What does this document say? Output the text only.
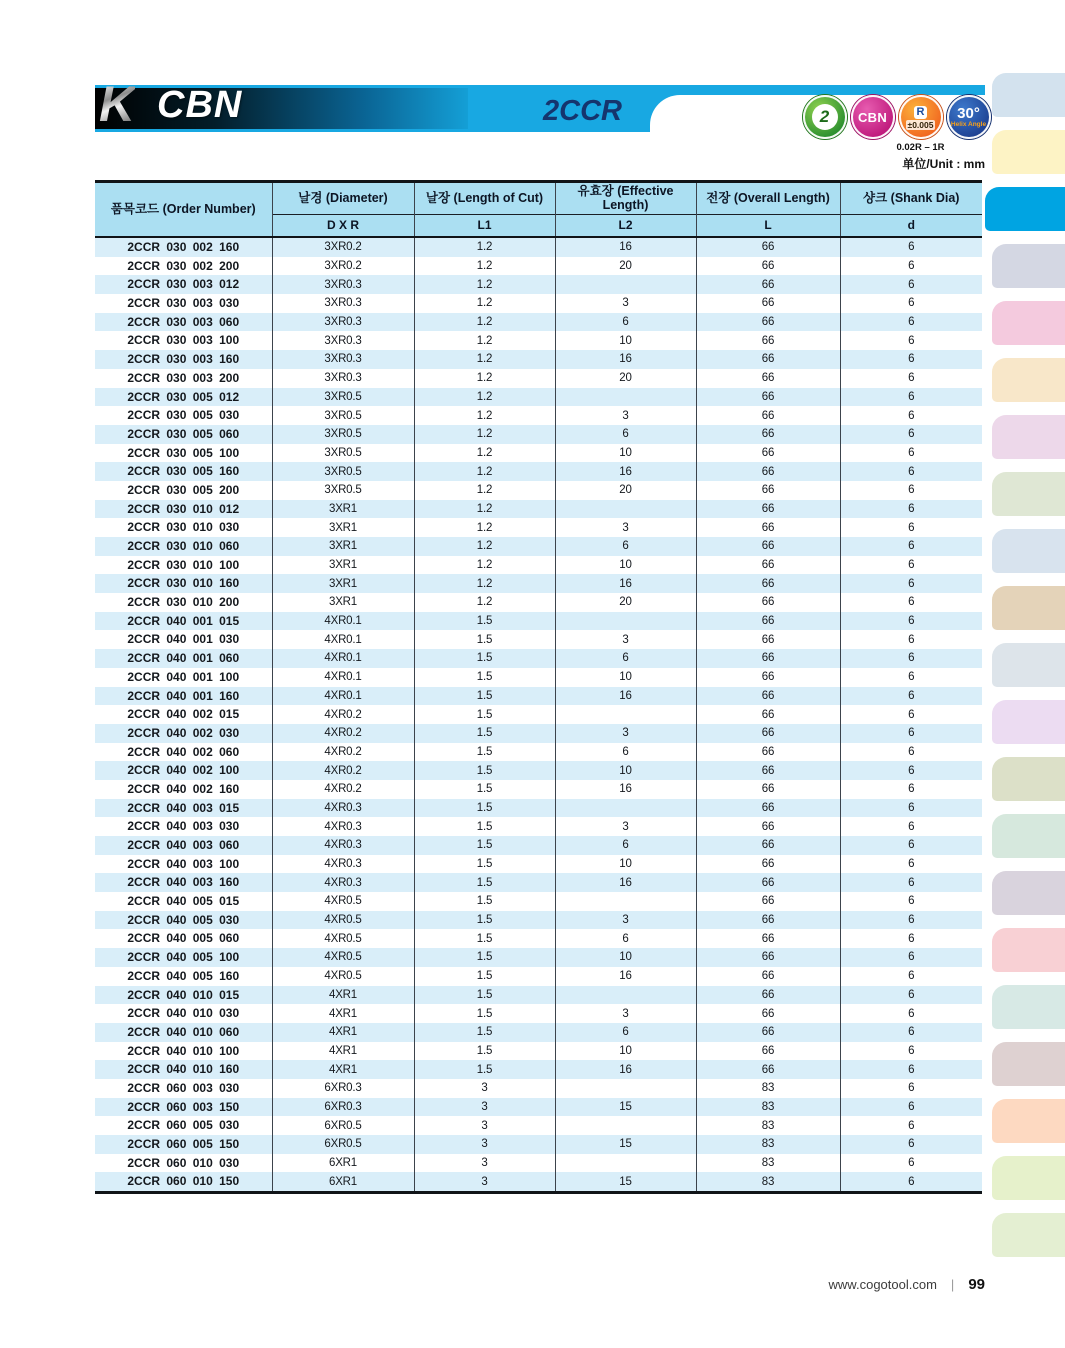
K CBN	2CCR	2	CBN	R
±0.005
0.02R – 1R
30°
Helix Angle
单位/Unit : mm
품목코드 (Order Number)	날경 (Diameter)	날장 (Length of Cut)	유효장 (Effective Length)	전장 (Overall Length)	샹크 (Shank Dia)
	D X R	L1	L2	L	d
2CCR 030 002 160	3XR0.2	1.2	16	66	6
2CCR 030 002 200	3XR0.2	1.2	20	66	6
2CCR 030 003 012	3XR0.3	1.2		66	6
2CCR 030 003 030	3XR0.3	1.2	3	66	6
2CCR 030 003 060	3XR0.3	1.2	6	66	6
2CCR 030 003 100	3XR0.3	1.2	10	66	6
2CCR 030 003 160	3XR0.3	1.2	16	66	6
2CCR 030 003 200	3XR0.3	1.2	20	66	6
2CCR 030 005 012	3XR0.5	1.2		66	6
2CCR 030 005 030	3XR0.5	1.2	3	66	6
2CCR 030 005 060	3XR0.5	1.2	6	66	6
2CCR 030 005 100	3XR0.5	1.2	10	66	6
2CCR 030 005 160	3XR0.5	1.2	16	66	6
2CCR 030 005 200	3XR0.5	1.2	20	66	6
2CCR 030 010 012	3XR1	1.2		66	6
2CCR 030 010 030	3XR1	1.2	3	66	6
2CCR 030 010 060	3XR1	1.2	6	66	6
2CCR 030 010 100	3XR1	1.2	10	66	6
2CCR 030 010 160	3XR1	1.2	16	66	6
2CCR 030 010 200	3XR1	1.2	20	66	6
2CCR 040 001 015	4XR0.1	1.5		66	6
2CCR 040 001 030	4XR0.1	1.5	3	66	6
2CCR 040 001 060	4XR0.1	1.5	6	66	6
2CCR 040 001 100	4XR0.1	1.5	10	66	6
2CCR 040 001 160	4XR0.1	1.5	16	66	6
2CCR 040 002 015	4XR0.2	1.5		66	6
2CCR 040 002 030	4XR0.2	1.5	3	66	6
2CCR 040 002 060	4XR0.2	1.5	6	66	6
2CCR 040 002 100	4XR0.2	1.5	10	66	6
2CCR 040 002 160	4XR0.2	1.5	16	66	6
2CCR 040 003 015	4XR0.3	1.5		66	6
2CCR 040 003 030	4XR0.3	1.5	3	66	6
2CCR 040 003 060	4XR0.3	1.5	6	66	6
2CCR 040 003 100	4XR0.3	1.5	10	66	6
2CCR 040 003 160	4XR0.3	1.5	16	66	6
2CCR 040 005 015	4XR0.5	1.5		66	6
2CCR 040 005 030	4XR0.5	1.5	3	66	6
2CCR 040 005 060	4XR0.5	1.5	6	66	6
2CCR 040 005 100	4XR0.5	1.5	10	66	6
2CCR 040 005 160	4XR0.5	1.5	16	66	6
2CCR 040 010 015	4XR1	1.5		66	6
2CCR 040 010 030	4XR1	1.5	3	66	6
2CCR 040 010 060	4XR1	1.5	6	66	6
2CCR 040 010 100	4XR1	1.5	10	66	6
2CCR 040 010 160	4XR1	1.5	16	66	6
2CCR 060 003 030	6XR0.3	3		83	6
2CCR 060 003 150	6XR0.3	3	15	83	6
2CCR 060 005 030	6XR0.5	3		83	6
2CCR 060 005 150	6XR0.5	3	15	83	6
2CCR 060 010 030	6XR1	3		83	6
2CCR 060 010 150	6XR1	3	15	83	6
www.cogotool.com | 99
